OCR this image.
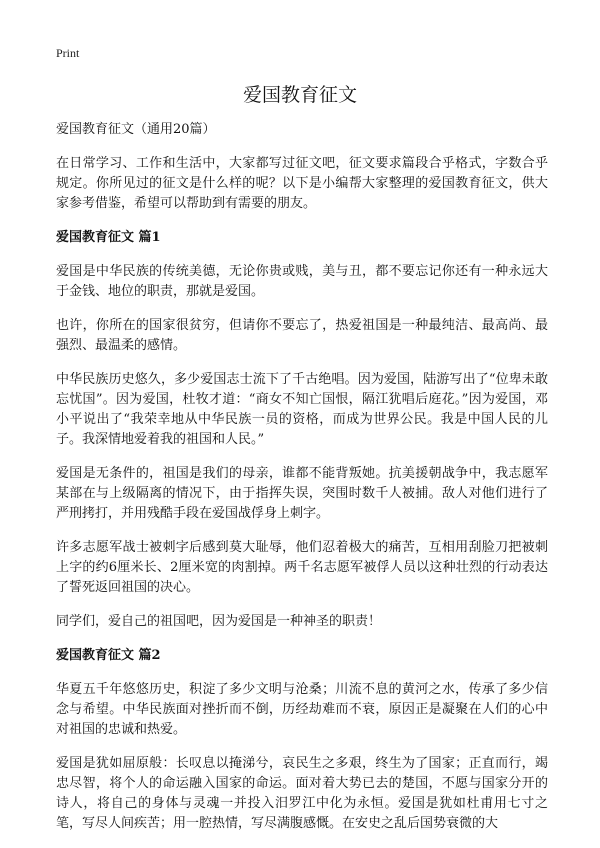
Print
爱国教育征文

爱国教育征文（通用20篇）

在日常学习、工作和生活中，大家都写过征文吧，征文要求篇段合乎格式，字数合乎规定。你所见过的征文是什么样的呢？以下是小编帮大家整理的爱国教育征文，供大家参考借鉴，希望可以帮助到有需要的朋友。

爱国教育征文 篇1

爱国是中华民族的传统美德，无论你贵或贱，美与丑，都不要忘记你还有一种永远大于金钱、地位的职责，那就是爱国。

也许，你所在的国家很贫穷，但请你不要忘了，热爱祖国是一种最纯洁、最高尚、最强烈、最温柔的感情。

中华民族历史悠久，多少爱国志士流下了千古绝唱。因为爱国，陆游写出了“位卑未敢忘忧国”。因为爱国，杜牧才道：“商女不知亡国恨，隔江犹唱后庭花。”因为爱国，邓小平说出了“我荣幸地从中华民族一员的资格，而成为世界公民。我是中国人民的儿子。我深情地爱着我的祖国和人民。”

爱国是无条件的，祖国是我们的母亲，谁都不能背叛她。抗美援朝战争中，我志愿军某部在与上级隔离的情况下，由于指挥失误，突围时数千人被捕。敌人对他们进行了严刑拷打，并用残酷手段在爱国战俘身上刺字。

许多志愿军战士被刺字后感到莫大耻辱，他们忍着极大的痛苦，互相用刮脸刀把被刺上字的约6厘米长、2厘米宽的肉割掉。两千名志愿军被俘人员以这种壮烈的行动表达了誓死返回祖国的决心。

同学们，爱自己的祖国吧，因为爱国是一种神圣的职责！

爱国教育征文 篇2

华夏五千年悠悠历史，积淀了多少文明与沧桑；川流不息的黄河之水，传承了多少信念与希望。中华民族面对挫折而不倒，历经劫难而不衰，原因正是凝聚在人们的心中对祖国的忠诚和热爱。

爱国是犹如屈原般：长叹息以掩涕兮，哀民生之多艰，终生为了国家；正直而行，竭忠尽智，将个人的命运融入国家的命运。面对着大势已去的楚国，不愿与国家分开的诗人，将自己的身体与灵魂一并投入汨罗江中化为永恒。爱国是犹如杜甫用七寸之笔，写尽人间疾苦；用一腔热情，写尽满腹感慨。在安史之乱后国势衰微的大
